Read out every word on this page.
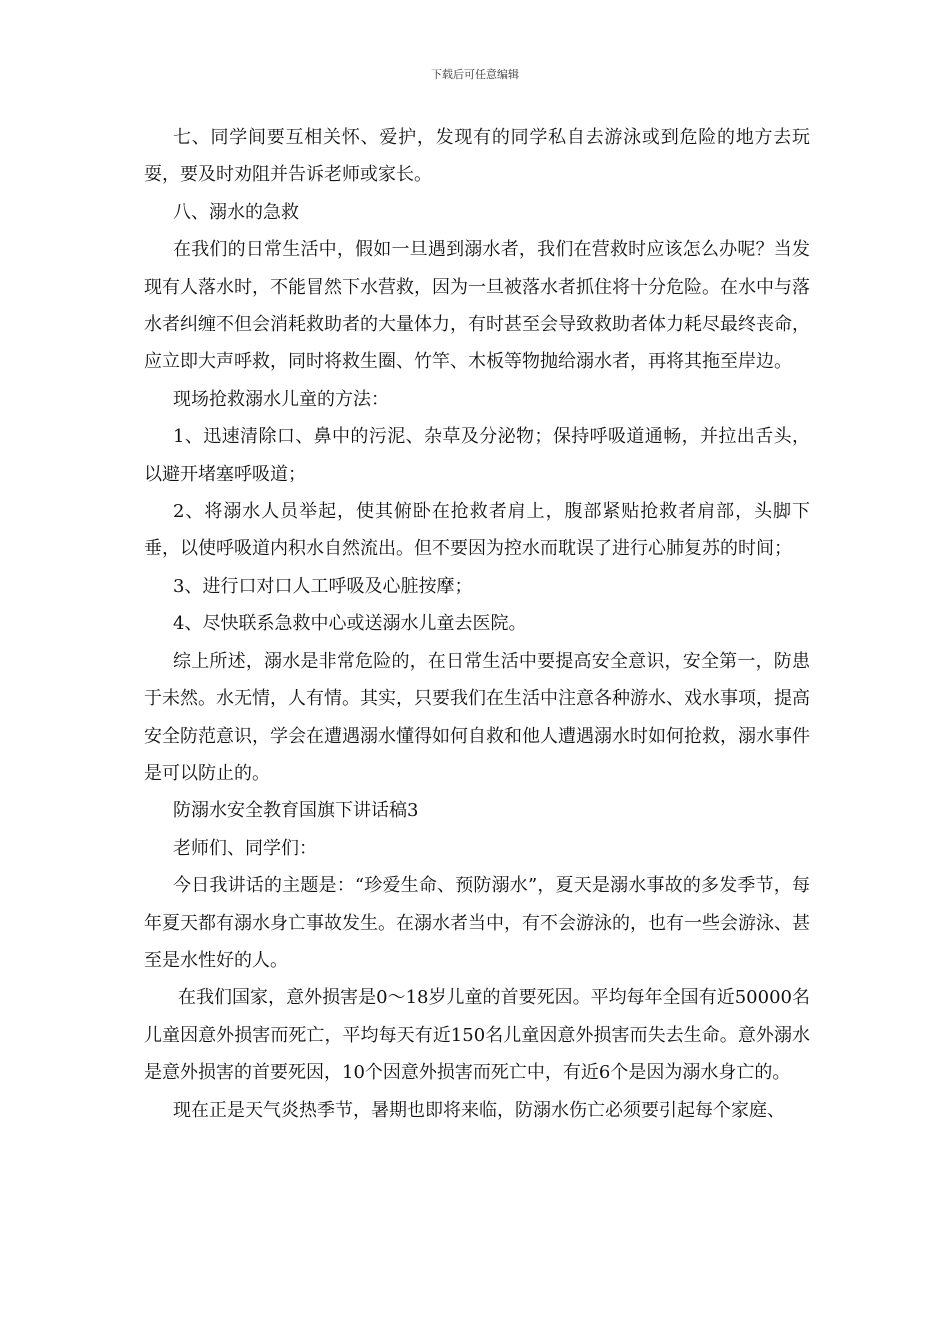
下载后可任意编辑

七、同学间要互相关怀、爱护，发现有的同学私自去游泳或到危险的地方去玩耍，要及时劝阻并告诉老师或家长。

八、溺水的急救

在我们的日常生活中，假如一旦遇到溺水者，我们在营救时应该怎么办呢？当发现有人落水时，不能冒然下水营救，因为一旦被落水者抓住将十分危险。在水中与落水者纠缠不但会消耗救助者的大量体力，有时甚至会导致救助者体力耗尽最终丧命，应立即大声呼救，同时将救生圈、竹竿、木板等物抛给溺水者，再将其拖至岸边。

现场抢救溺水儿童的方法：

1、迅速清除口、鼻中的污泥、杂草及分泌物；保持呼吸道通畅，并拉出舌头，以避开堵塞呼吸道；

2、将溺水人员举起，使其俯卧在抢救者肩上，腹部紧贴抢救者肩部，头脚下垂，以使呼吸道内积水自然流出。但不要因为控水而耽误了进行心肺复苏的时间；

3、进行口对口人工呼吸及心脏按摩；

4、尽快联系急救中心或送溺水儿童去医院。

综上所述，溺水是非常危险的，在日常生活中要提高安全意识，安全第一，防患于未然。水无情，人有情。其实，只要我们在生活中注意各种游水、戏水事项，提高安全防范意识，学会在遭遇溺水懂得如何自救和他人遭遇溺水时如何抢救，溺水事件是可以防止的。

防溺水安全教育国旗下讲话稿3

老师们、同学们：

今日我讲话的主题是：“珍爱生命、预防溺水”，夏天是溺水事故的多发季节，每年夏天都有溺水身亡事故发生。在溺水者当中，有不会游泳的，也有一些会游泳、甚至是水性好的人。

在我们国家，意外损害是0～18岁儿童的首要死因。平均每年全国有近50000名儿童因意外损害而死亡，平均每天有近150名儿童因意外损害而失去生命。意外溺水是意外损害的首要死因，10个因意外损害而死亡中，有近6个是因为溺水身亡的。

现在正是天气炎热季节，暑期也即将来临，防溺水伤亡必须要引起每个家庭、
